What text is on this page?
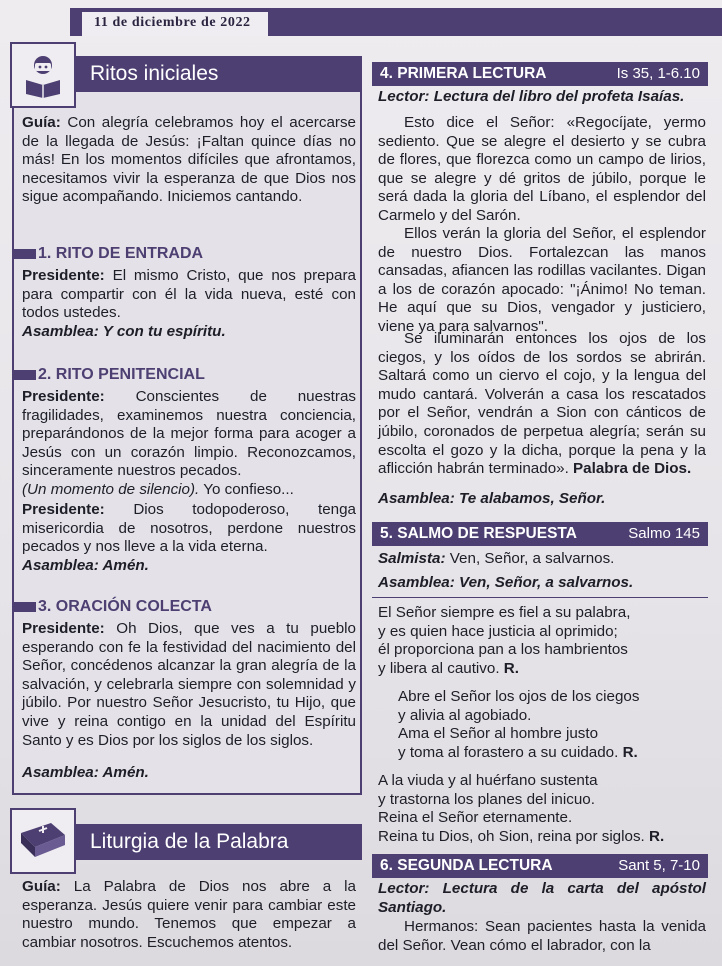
11 de diciembre de 2022
Ritos iniciales
Guía: Con alegría celebramos hoy el acercarse de la llegada de Jesús: ¡Faltan quince días no más! En los momentos difíciles que afrontamos, necesitamos vivir la esperanza de que Dios nos sigue acompañando. Iniciemos cantando.
1. RITO DE ENTRADA
Presidente: El mismo Cristo, que nos prepara para compartir con él la vida nueva, esté con todos ustedes.
Asamblea: Y con tu espíritu.
2. RITO PENITENCIAL
Presidente: Conscientes de nuestras fragilidades, examinemos nuestra conciencia, preparándonos de la mejor forma para acoger a Jesús con un corazón limpio. Reconozcamos, sinceramente nuestros pecados.
(Un momento de silencio). Yo confieso...
Presidente: Dios todopoderoso, tenga misericordia de nosotros, perdone nuestros pecados y nos lleve a la vida eterna.
Asamblea: Amén.
3. ORACIÓN COLECTA
Presidente: Oh Dios, que ves a tu pueblo esperando con fe la festividad del nacimiento del Señor, concédenos alcanzar la gran alegría de la salvación, y celebrarla siempre con solemnidad y júbilo. Por nuestro Señor Jesucristo, tu Hijo, que vive y reina contigo en la unidad del Espíritu Santo y es Dios por los siglos de los siglos.
Asamblea: Amén.
Liturgia de la Palabra
Guía: La Palabra de Dios nos abre a la esperanza. Jesús quiere venir para cambiar este nuestro mundo. Tenemos que empezar a cambiar nosotros. Escuchemos atentos.
4. PRIMERA LECTURA	Is 35, 1-6.10
Lector: Lectura del libro del profeta Isaías.
Esto dice el Señor: «Regocíjate, yermo sediento. Que se alegre el desierto y se cubra de flores, que florezca como un campo de lirios, que se alegre y dé gritos de júbilo, porque le será dada la gloria del Líbano, el esplendor del Carmelo y del Sarón.
Ellos verán la gloria del Señor, el esplendor de nuestro Dios. Fortalezcan las manos cansadas, afiancen las rodillas vacilantes. Digan a los de corazón apocado: "¡Ánimo! No teman. He aquí que su Dios, vengador y justiciero, viene ya para salvarnos".
Se iluminarán entonces los ojos de los ciegos, y los oídos de los sordos se abrirán. Saltará como un ciervo el cojo, y la lengua del mudo cantará. Volverán a casa los rescatados por el Señor, vendrán a Sion con cánticos de júbilo, coronados de perpetua alegría; serán su escolta el gozo y la dicha, porque la pena y la aflicción habrán terminado». Palabra de Dios.
Asamblea: Te alabamos, Señor.
5. SALMO DE RESPUESTA	Salmo 145
Salmista: Ven, Señor, a salvarnos.
Asamblea: Ven, Señor, a salvarnos.
El Señor siempre es fiel a su palabra,
y es quien hace justicia al oprimido;
él proporciona pan a los hambrientos
y libera al cautivo. R.
Abre el Señor los ojos de los ciegos
y alivia al agobiado.
Ama el Señor al hombre justo
y toma al forastero a su cuidado. R.
A la viuda y al huérfano sustenta
y trastorna los planes del inicuo.
Reina el Señor eternamente.
Reina tu Dios, oh Sion, reina por siglos. R.
6. SEGUNDA LECTURA	Sant 5, 7-10
Lector: Lectura de la carta del apóstol Santiago.
Hermanos: Sean pacientes hasta la venida del Señor. Vean cómo el labrador, con la
